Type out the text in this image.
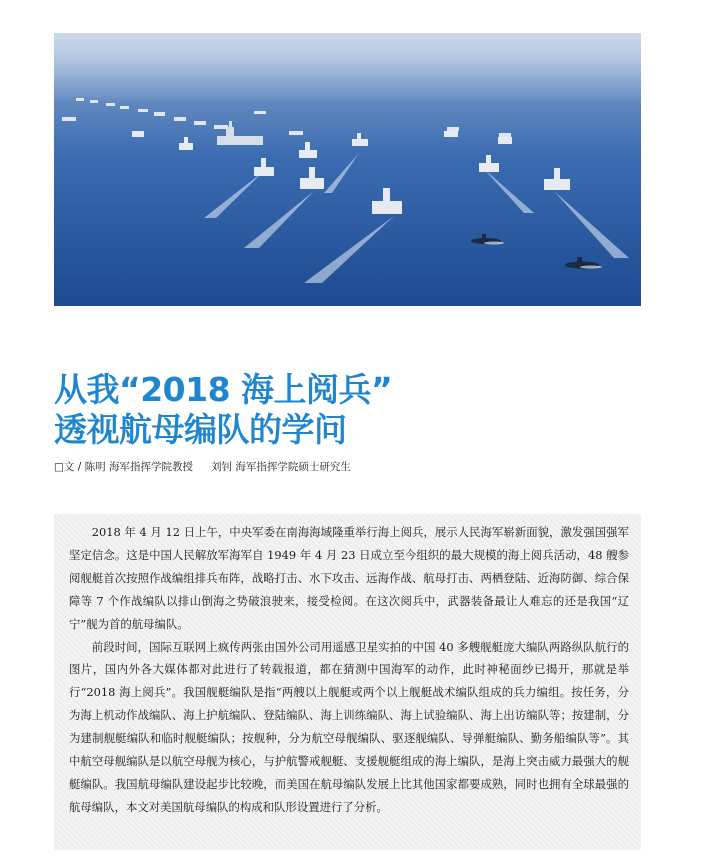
从我“2018 海上阅兵”
透视航母编队的学问
□文 / 陈明 海军指挥学院教授 刘钊 海军指挥学院硕士研究生

2018 年 4 月 12 日上午，中央军委在南海海域隆重举行海上阅兵，展示人民海军崭新面貌，激发强国强军坚定信念。这是中国人民解放军海军自 1949 年 4 月 23 日成立至今组织的最大规模的海上阅兵活动，48 艘参阅舰艇首次按照作战编组排兵布阵，战略打击、水下攻击、远海作战、航母打击、两栖登陆、近海防御、综合保障等 7 个作战编队以排山倒海之势破浪驶来，接受检阅。在这次阅兵中，武器装备最让人难忘的还是我国“辽宁”舰为首的航母编队。

前段时间，国际互联网上疯传两张由国外公司用遥感卫星实拍的中国 40 多艘舰艇庞大编队两路纵队航行的图片，国内外各大媒体都对此进行了转载报道，都在猜测中国海军的动作，此时神秘面纱已揭开，那就是举行“2018 海上阅兵”。我国舰艇编队是指“两艘以上舰艇或两个以上舰艇战术编队组成的兵力编组。按任务，分为海上机动作战编队、海上护航编队、登陆编队、海上训练编队、海上试验编队、海上出访编队等；按建制，分为建制舰艇编队和临时舰艇编队；按舰种，分为航空母舰编队、驱逐舰编队、导弹艇编队、勤务船编队等”。其中航空母舰编队是以航空母舰为核心，与护航警戒舰艇、支援舰艇组成的海上编队，是海上突击威力最强大的舰艇编队。我国航母编队建设起步比较晚，而美国在航母编队发展上比其他国家都要成熟，同时也拥有全球最强的航母编队，本文对美国航母编队的构成和队形设置进行了分析。
